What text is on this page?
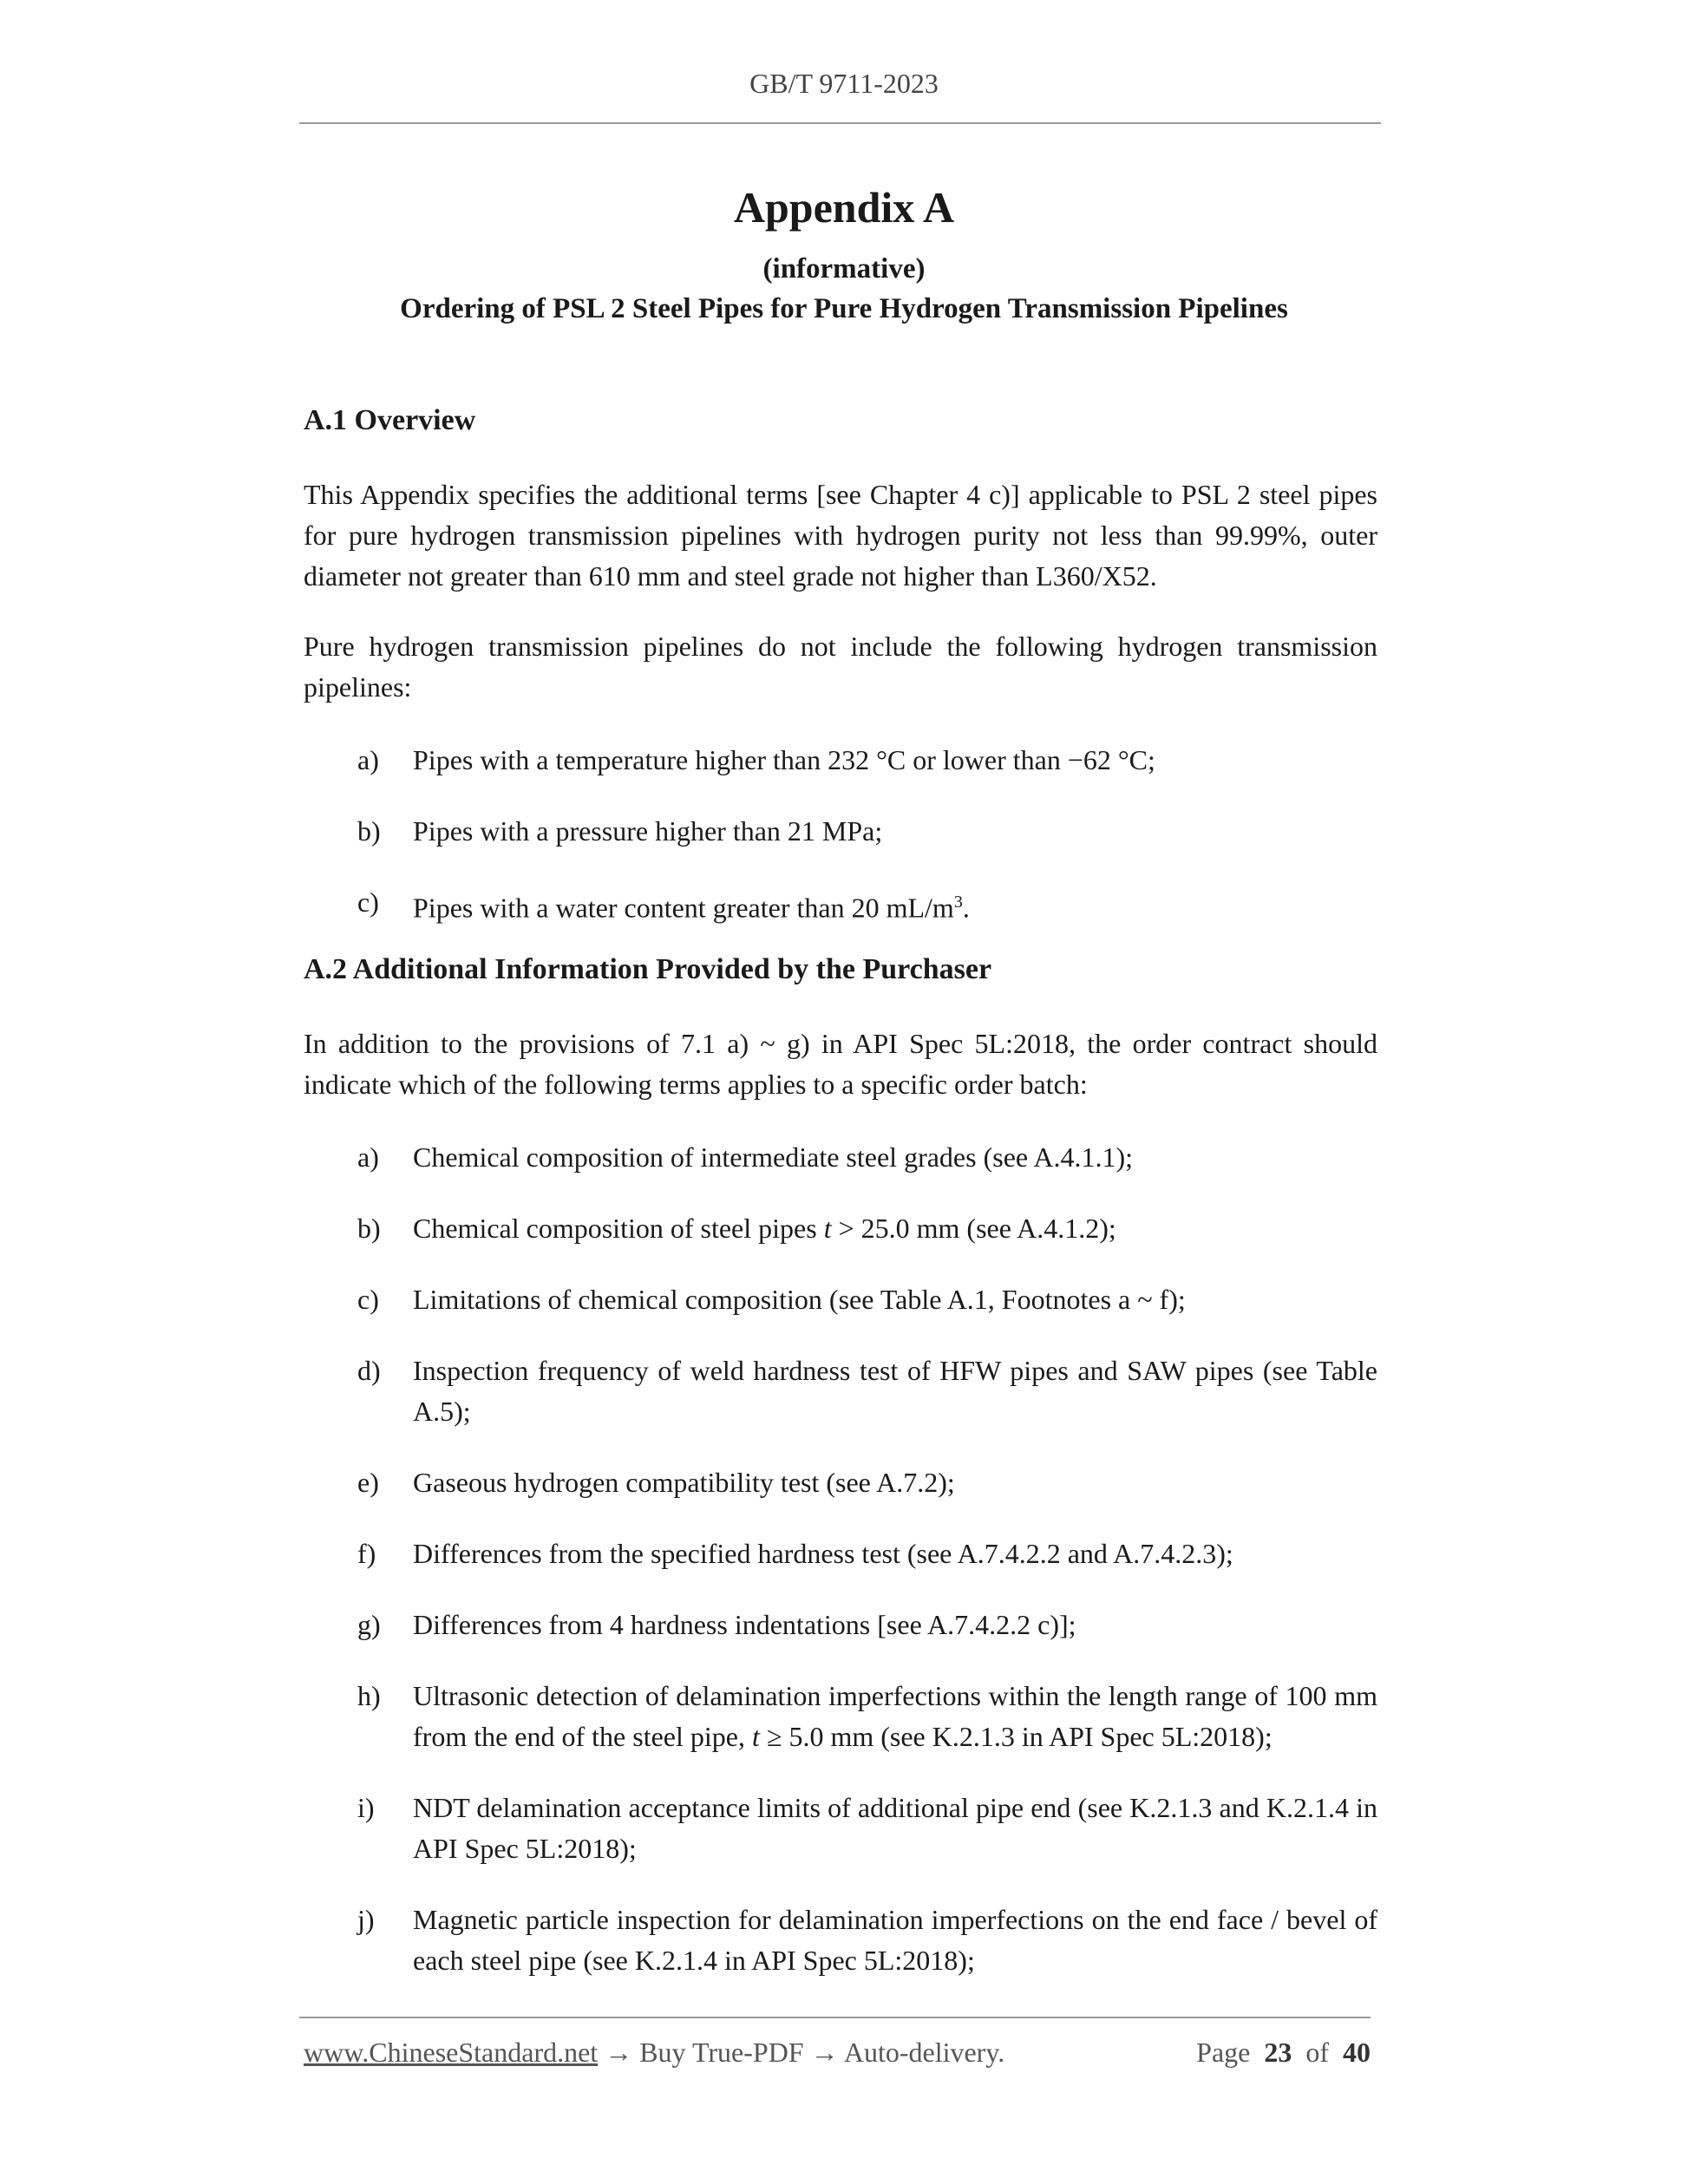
GB/T 9711-2023
Appendix A
(informative)
Ordering of PSL 2 Steel Pipes for Pure Hydrogen Transmission Pipelines
A.1 Overview
This Appendix specifies the additional terms [see Chapter 4 c)] applicable to PSL 2 steel pipes for pure hydrogen transmission pipelines with hydrogen purity not less than 99.99%, outer diameter not greater than 610 mm and steel grade not higher than L360/X52.
Pure hydrogen transmission pipelines do not include the following hydrogen transmission pipelines:
a)	Pipes with a temperature higher than 232 °C or lower than −62 °C;
b)	Pipes with a pressure higher than 21 MPa;
c)	Pipes with a water content greater than 20 $mL/m^3$.
A.2 Additional Information Provided by the Purchaser
In addition to the provisions of 7.1 a) ~ g) in API Spec 5L:2018, the order contract should indicate which of the following terms applies to a specific order batch:
a)	Chemical composition of intermediate steel grades (see A.4.1.1);
b)	Chemical composition of steel pipes t > 25.0 mm (see A.4.1.2);
c)	Limitations of chemical composition (see Table A.1, Footnotes a ~ f);
d)	Inspection frequency of weld hardness test of HFW pipes and SAW pipes (see Table A.5);
e)	Gaseous hydrogen compatibility test (see A.7.2);
f)	Differences from the specified hardness test (see A.7.4.2.2 and A.7.4.2.3);
g)	Differences from 4 hardness indentations [see A.7.4.2.2 c)];
h)	Ultrasonic detection of delamination imperfections within the length range of 100 mm from the end of the steel pipe, t ≥ 5.0 mm (see K.2.1.3 in API Spec 5L:2018);
i)	NDT delamination acceptance limits of additional pipe end (see K.2.1.3 and K.2.1.4 in API Spec 5L:2018);
j)	Magnetic particle inspection for delamination imperfections on the end face / bevel of each steel pipe (see K.2.1.4 in API Spec 5L:2018);
www.ChineseStandard.net → Buy True-PDF → Auto-delivery.	Page 23 of 40
